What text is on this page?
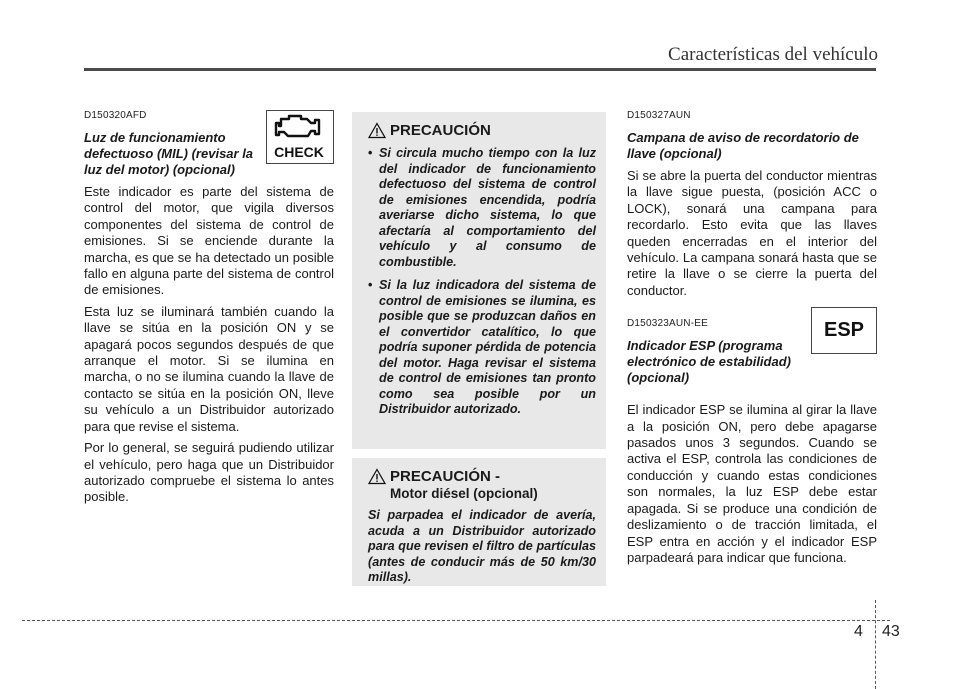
Características del vehículo

D150320AFD

Luz de funcionamiento defectuoso (MIL) (revisar la luz del motor) (opcional)

Este indicador es parte del sistema de control del motor, que vigila diversos componentes del sistema de control de emisiones. Si se enciende durante la marcha, es que se ha detectado un posible fallo en alguna parte del sistema de control de emisiones.

Esta luz se iluminará también cuando la llave se sitúa en la posición ON y se apagará pocos segundos después de que arranque el motor. Si se ilumina en marcha, o no se ilumina cuando la llave de contacto se sitúa en la posición ON, lleve su vehículo a un Distribuidor autorizado para que revise el sistema.

Por lo general, se seguirá pudiendo utilizar el vehículo, pero haga que un Distribuidor autorizado compruebe el sistema lo antes posible.

CHECK
PRECAUCIÓN
• Si circula mucho tiempo con la luz del indicador de funcionamiento defectuoso del sistema de control de emisiones encendida, podría averiarse dicho sistema, lo que afectaría al comportamiento del vehículo y al consumo de combustible.
• Si la luz indicadora del sistema de control de emisiones se ilumina, es posible que se produzcan daños en el convertidor catalítico, lo que podría suponer pérdida de potencia del motor. Haga revisar el sistema de control de emisiones tan pronto como sea posible por un Distribuidor autorizado.
PRECAUCIÓN -
Motor diésel (opcional)

Si parpadea el indicador de avería, acuda a un Distribuidor autorizado para que revisen el filtro de partículas (antes de conducir más de 50 km/30 millas).

D150327AUN

Campana de aviso de recordatorio de llave (opcional)

Si se abre la puerta del conductor mientras la llave sigue puesta, (posición ACC o LOCK), sonará una campana para recordarlo. Esto evita que las llaves queden encerradas en el interior del vehículo. La campana sonará hasta que se retire la llave o se cierre la puerta del conductor.

D150323AUN-EE

Indicador ESP (programa electrónico de estabilidad) (opcional)

El indicador ESP se ilumina al girar la llave a la posición ON, pero debe apagarse pasados unos 3 segundos. Cuando se activa el ESP, controla las condiciones de conducción y cuando estas condiciones son normales, la luz ESP debe estar apagada. Si se produce una condición de deslizamiento o de tracción limitada, el ESP entra en acción y el indicador ESP parpadeará para indicar que funciona.

ESP
4 43
